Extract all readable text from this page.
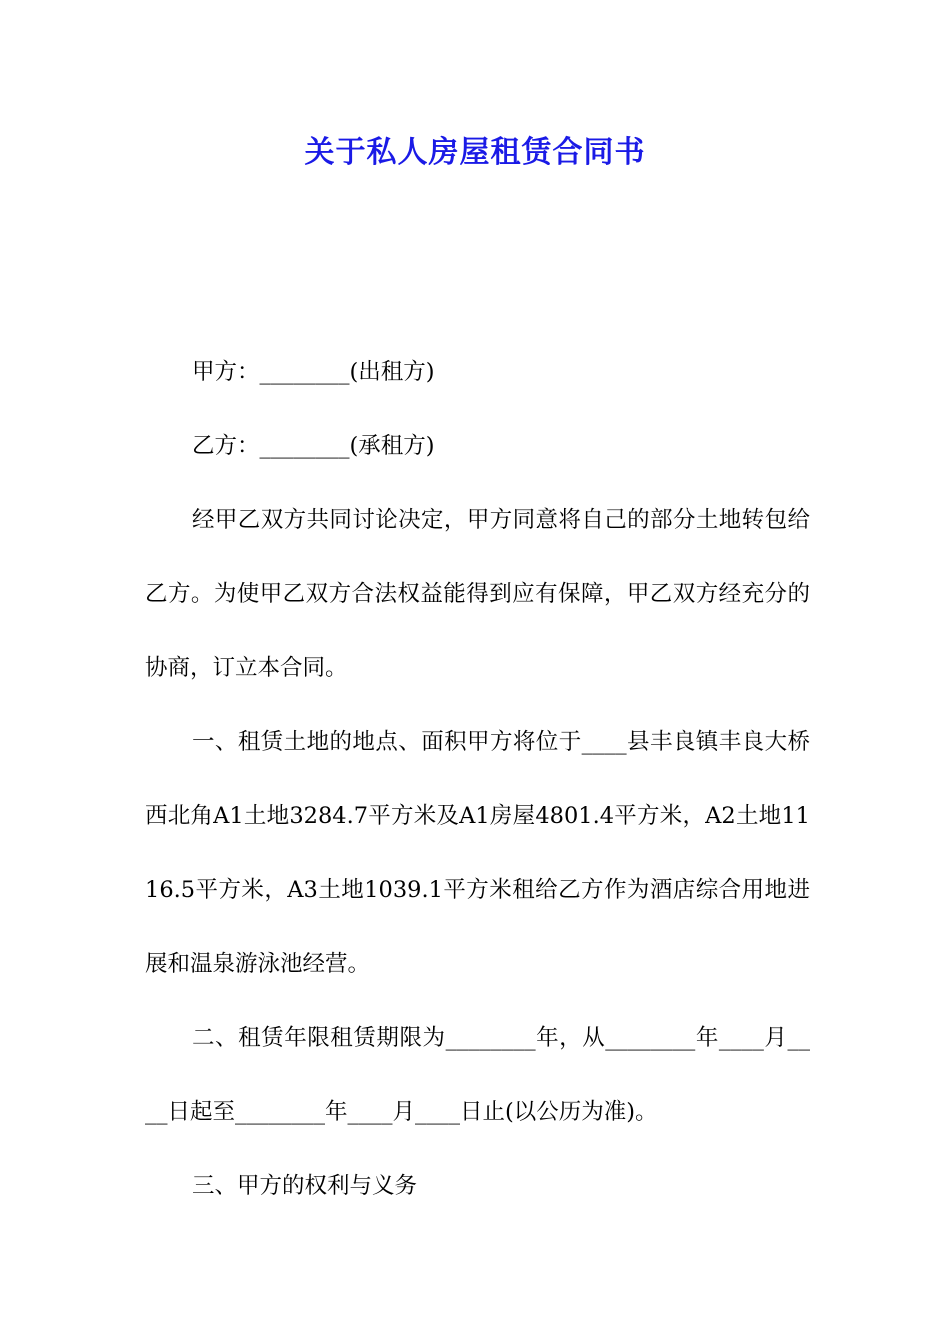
关于私人房屋租赁合同书

甲方：________(出租方)

乙方：________(承租方)

经甲乙双方共同讨论决定，甲方同意将自己的部分土地转包给乙方。为使甲乙双方合法权益能得到应有保障，甲乙双方经充分的协商，订立本合同。

一、租赁土地的地点、面积甲方将位于____县丰良镇丰良大桥西北角A1土地3284.7平方米及A1房屋4801.4平方米，A2土地1116.5平方米，A3土地1039.1平方米租给乙方作为酒店综合用地进展和温泉游泳池经营。

二、租赁年限租赁期限为________年，从________年____月____日起至________年____月____日止(以公历为准)。

三、甲方的权利与义务
